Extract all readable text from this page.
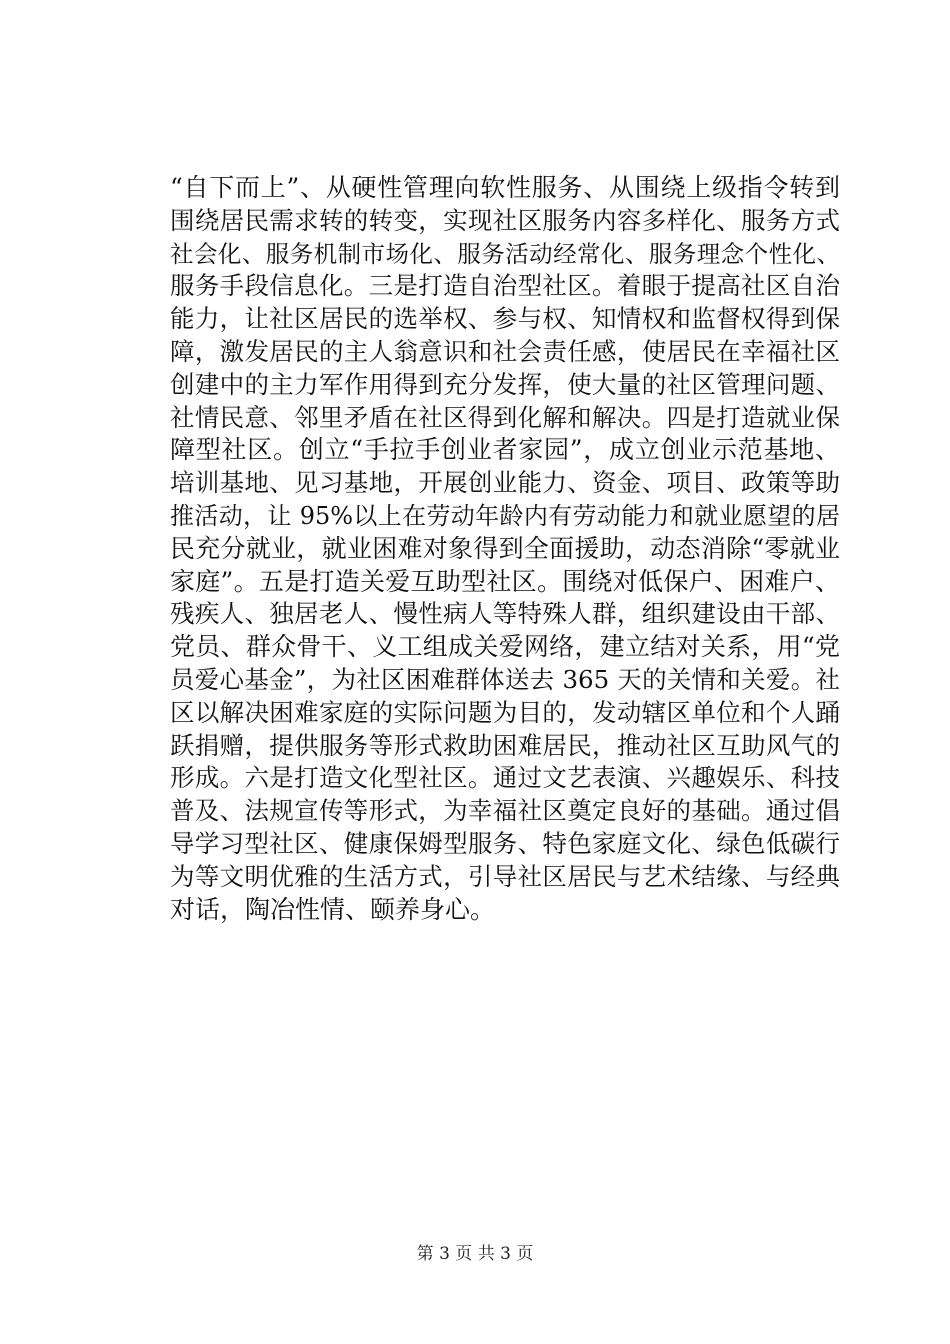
“自下而上”、从硬性管理向软性服务、从围绕上级指令转到
围绕居民需求转的转变，实现社区服务内容多样化、服务方式
社会化、服务机制市场化、服务活动经常化、服务理念个性化、
服务手段信息化。三是打造自治型社区。着眼于提高社区自治
能力，让社区居民的选举权、参与权、知情权和监督权得到保
障，激发居民的主人翁意识和社会责任感，使居民在幸福社区
创建中的主力军作用得到充分发挥，使大量的社区管理问题、
社情民意、邻里矛盾在社区得到化解和解决。四是打造就业保
障型社区。创立“手拉手创业者家园”，成立创业示范基地、
培训基地、见习基地，开展创业能力、资金、项目、政策等助
推活动，让 95%以上在劳动年龄内有劳动能力和就业愿望的居
民充分就业，就业困难对象得到全面援助，动态消除“零就业
家庭”。五是打造关爱互助型社区。围绕对低保户、困难户、
残疾人、独居老人、慢性病人等特殊人群，组织建设由干部、
党员、群众骨干、义工组成关爱网络，建立结对关系，用“党
员爱心基金”，为社区困难群体送去 365 天的关情和关爱。社
区以解决困难家庭的实际问题为目的，发动辖区单位和个人踊
跃捐赠，提供服务等形式救助困难居民，推动社区互助风气的
形成。六是打造文化型社区。通过文艺表演、兴趣娱乐、科技
普及、法规宣传等形式，为幸福社区奠定良好的基础。通过倡
导学习型社区、健康保姆型服务、特色家庭文化、绿色低碳行
为等文明优雅的生活方式，引导社区居民与艺术结缘、与经典
对话，陶冶性情、颐养身心。
第 3 页 共 3 页
